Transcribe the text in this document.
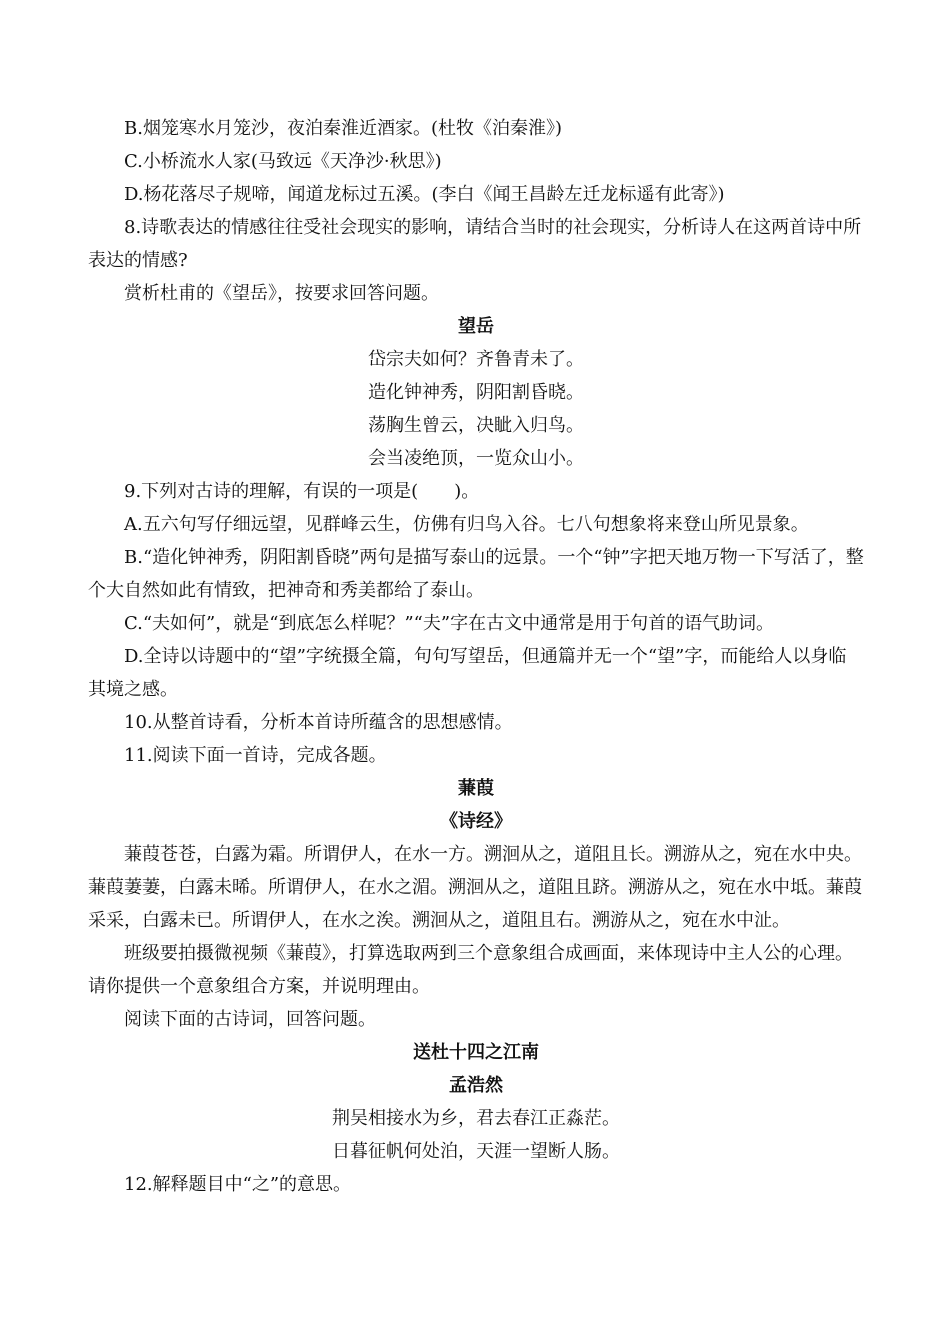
B.烟笼寒水月笼沙，夜泊秦淮近酒家。(杜牧《泊秦淮》)

C.小桥流水人家(马致远《天净沙·秋思》)

D.杨花落尽子规啼，闻道龙标过五溪。(李白《闻王昌龄左迁龙标遥有此寄》)

8.诗歌表达的情感往往受社会现实的影响，请结合当时的社会现实，分析诗人在这两首诗中所表达的情感?

赏析杜甫的《望岳》，按要求回答问题。

望岳

岱宗夫如何？齐鲁青未了。

造化钟神秀，阴阳割昏晓。

荡胸生曾云，决眦入归鸟。

会当凌绝顶，一览众山小。

9.下列对古诗的理解，有误的一项是(　　)。

A.五六句写仔细远望，见群峰云生，仿佛有归鸟入谷。七八句想象将来登山所见景象。

B.“造化钟神秀，阴阳割昏晓”两句是描写泰山的远景。一个“钟”字把天地万物一下写活了，整个大自然如此有情致，把神奇和秀美都给了泰山。

C.“夫如何”，就是“到底怎么样呢？”“夫”字在古文中通常是用于句首的语气助词。

D.全诗以诗题中的“望”字统摄全篇，句句写望岳，但通篇并无一个“望”字，而能给人以身临其境之感。

10.从整首诗看，分析本首诗所蕴含的思想感情。

11.阅读下面一首诗，完成各题。

蒹葭

《诗经》

蒹葭苍苍，白露为霜。所谓伊人，在水一方。溯洄从之，道阻且长。溯游从之，宛在水中央。蒹葭萋萋，白露未晞。所谓伊人，在水之湄。溯洄从之，道阻且跻。溯游从之，宛在水中坻。蒹葭采采，白露未已。所谓伊人，在水之涘。溯洄从之，道阻且右。溯游从之，宛在水中沚。

班级要拍摄微视频《蒹葭》，打算选取两到三个意象组合成画面，来体现诗中主人公的心理。请你提供一个意象组合方案，并说明理由。

阅读下面的古诗词，回答问题。

送杜十四之江南

孟浩然

荆吴相接水为乡，君去春江正淼茫。

日暮征帆何处泊，天涯一望断人肠。

12.解释题目中“之”的意思。
